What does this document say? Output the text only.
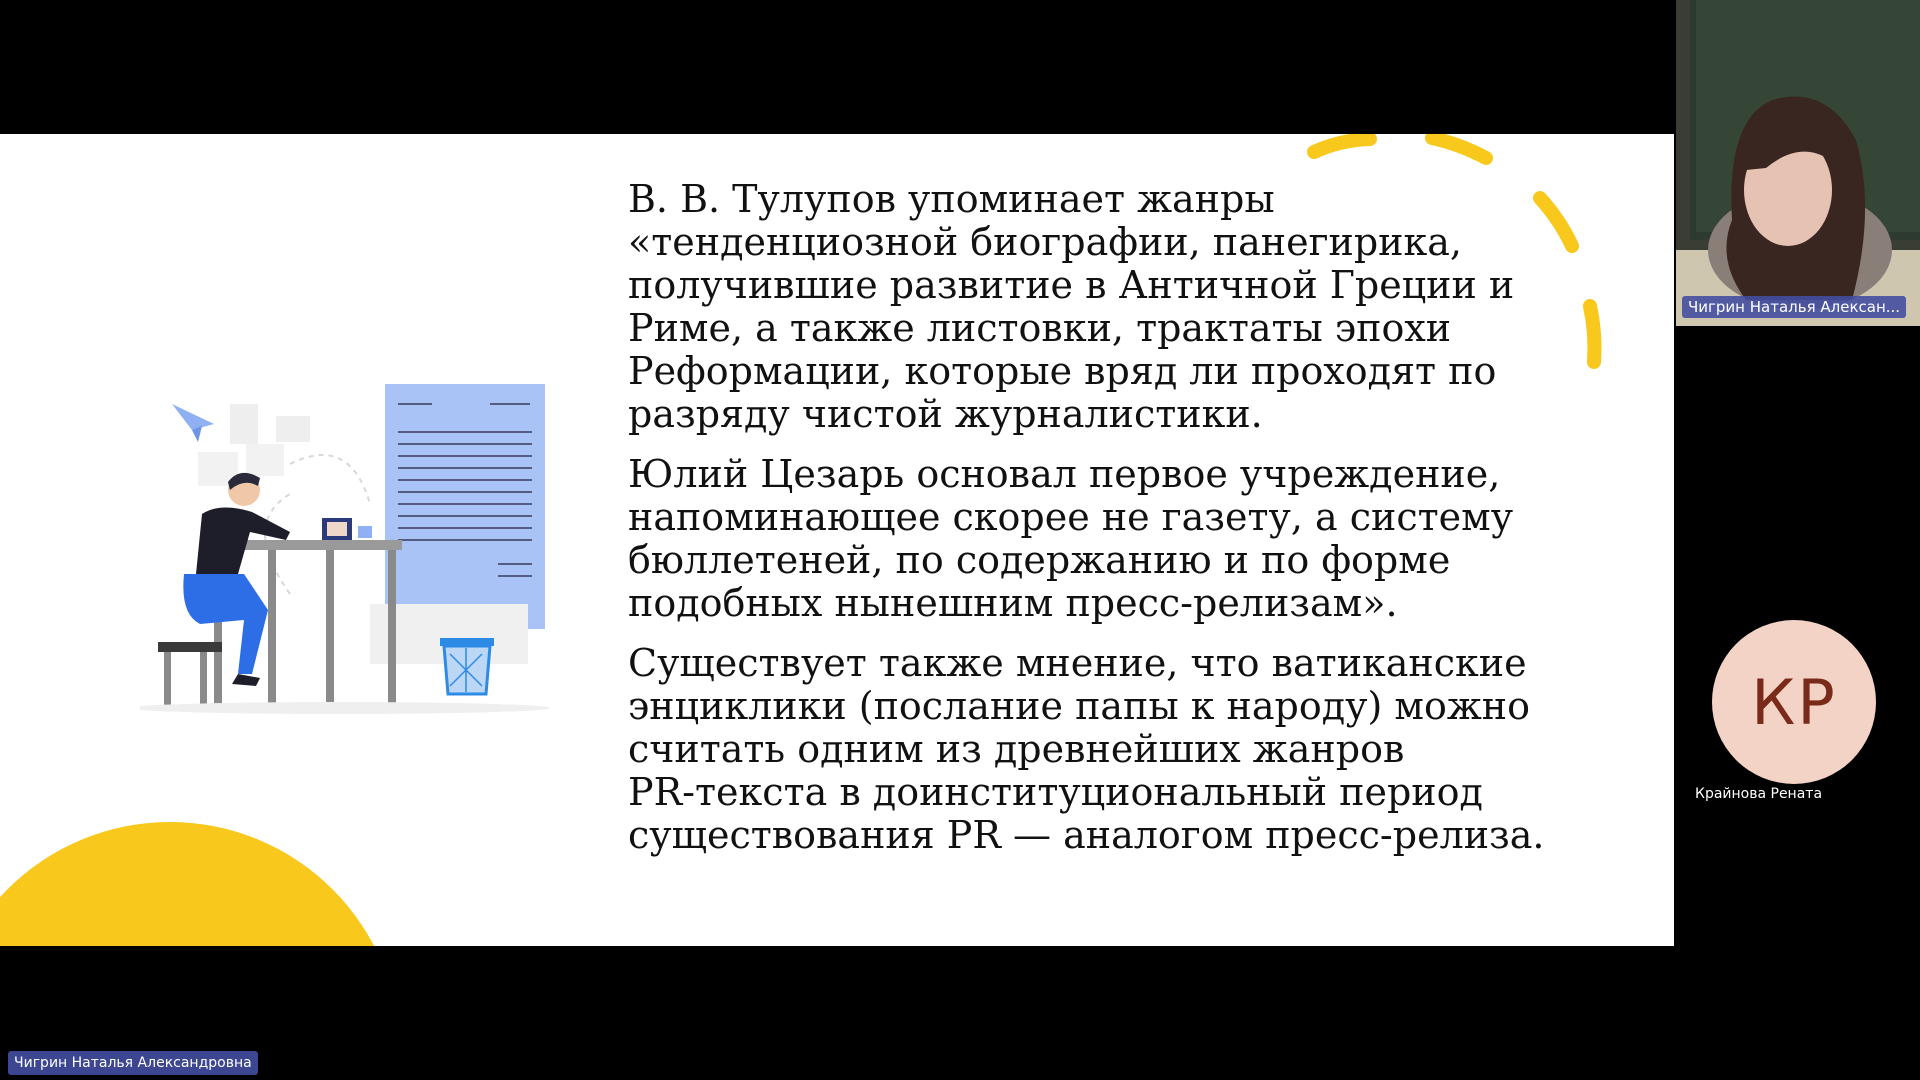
В. В. Тулупов упоминает жанры
«тенденциозной биографии, панегирика,
получившие развитие в Античной Греции и
Риме, а также листовки, трактаты эпохи
Реформации, которые вряд ли проходят по
разряду чистой журналистики.

Юлий Цезарь основал первое учреждение,
напоминающее скорее не газету, а систему
бюллетеней, по содержанию и по форме
подобных нынешним пресс-релизам».

Существует также мнение, что ватиканские
энциклики (послание папы к народу) можно
считать одним из древнейших жанров
PR-текста в доинституциональный период
существования PR — аналогом пресс-релиза.

Чигрин Наталья Алексан...
КР
Крайнова Рената
Чигрин Наталья Александровна
